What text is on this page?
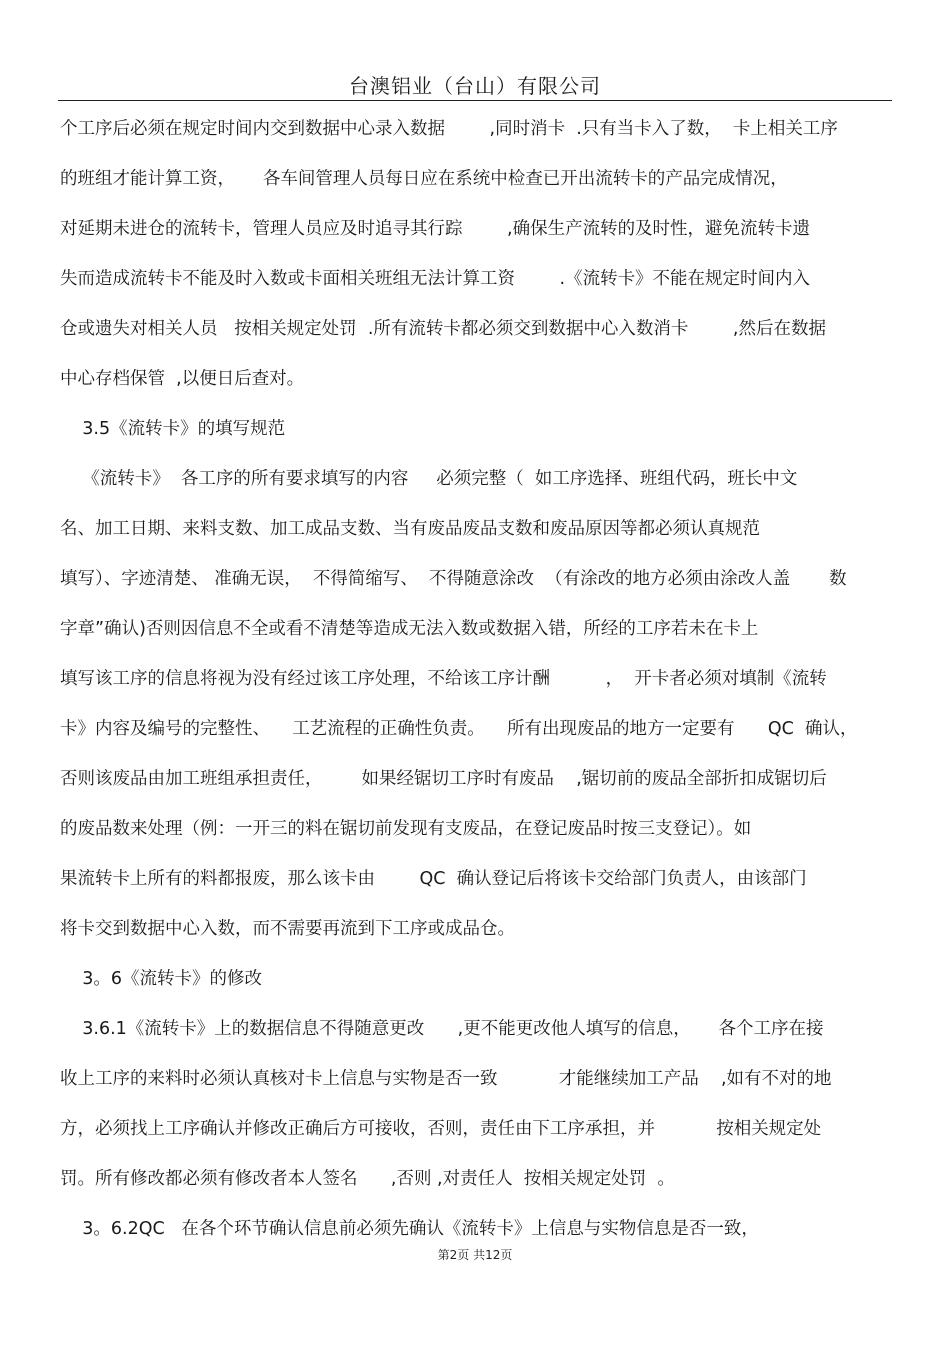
台澳铝业（台山）有限公司
个工序后必须在规定时间内交到数据中心录入数据        ,同时消卡  .只有当卡入了数，  卡上相关工序
的班组才能计算工资，     各车间管理人员每日应在系统中检查已开出流转卡的产品完成情况，
对延期未进仓的流转卡，管理人员应及时追寻其行踪        ,确保生产流转的及时性，避免流转卡遗
失而造成流转卡不能及时入数或卡面相关班组无法计算工资        .《流转卡》不能在规定时间内入
仓或遗失对相关人员   按相关规定处罚  .所有流转卡都必须交到数据中心入数消卡        ,然后在数据
中心存档保管  ,以便日后查对。
3.5《流转卡》的填写规范
《流转卡》  各工序的所有要求填写的内容     必须完整（  如工序选择、班组代码，班长中文
名、加工日期、来料支数、加工成品支数、当有废品废品支数和废品原因等都必须认真规范
填写）、字迹清楚、 准确无误，  不得简缩写、  不得随意涂改  （有涂改的地方必须由涂改人盖       数
字章”确认)否则因信息不全或看不清楚等造成无法入数或数据入错，所经的工序若未在卡上
填写该工序的信息将视为没有经过该工序处理，不给该工序计酬          ，  开卡者必须对填制《流转
卡》内容及编号的完整性、    工艺流程的正确性负责。    所有出现废品的地方一定要有      QC  确认，
否则该废品由加工班组承担责任，       如果经锯切工序时有废品    ,锯切前的废品全部折扣成锯切后
的废品数来处理（例：一开三的料在锯切前发现有支废品，在登记废品时按三支登记）。如
果流转卡上所有的料都报废，那么该卡由        QC  确认登记后将该卡交给部门负责人，由该部门
将卡交到数据中心入数，而不需要再流到下工序或成品仓。
3。6《流转卡》的修改
3.6.1《流转卡》上的数据信息不得随意更改      ,更不能更改他人填写的信息，     各个工序在接
收上工序的来料时必须认真核对卡上信息与实物是否一致           才能继续加工产品    ,如有不对的地
方，必须找上工序确认并修改正确后方可接收，否则，责任由下工序承担，并           按相关规定处
罚。所有修改都必须有修改者本人签名      ,否则 ,对责任人  按相关规定处罚  。
3。6.2QC   在各个环节确认信息前必须先确认《流转卡》上信息与实物信息是否一致，
第2页 共12页
